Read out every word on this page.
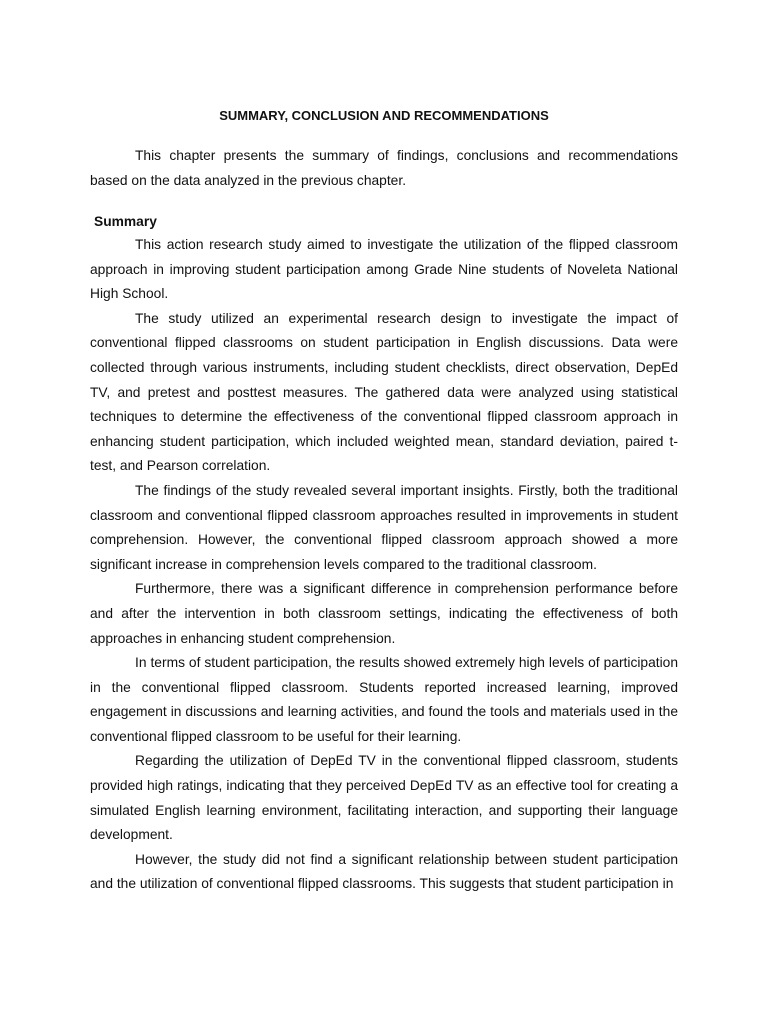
SUMMARY, CONCLUSION AND RECOMMENDATIONS

This chapter presents the summary of findings, conclusions and recommendations based on the data analyzed in the previous chapter.

Summary

This action research study aimed to investigate the utilization of the flipped classroom approach in improving student participation among Grade Nine students of Noveleta National High School.

The study utilized an experimental research design to investigate the impact of conventional flipped classrooms on student participation in English discussions. Data were collected through various instruments, including student checklists, direct observation, DepEd TV, and pretest and posttest measures. The gathered data were analyzed using statistical techniques to determine the effectiveness of the conventional flipped classroom approach in enhancing student participation, which included weighted mean, standard deviation, paired t-test, and Pearson correlation.

The findings of the study revealed several important insights. Firstly, both the traditional classroom and conventional flipped classroom approaches resulted in improvements in student comprehension. However, the conventional flipped classroom approach showed a more significant increase in comprehension levels compared to the traditional classroom.

Furthermore, there was a significant difference in comprehension performance before and after the intervention in both classroom settings, indicating the effectiveness of both approaches in enhancing student comprehension.

In terms of student participation, the results showed extremely high levels of participation in the conventional flipped classroom. Students reported increased learning, improved engagement in discussions and learning activities, and found the tools and materials used in the conventional flipped classroom to be useful for their learning.

Regarding the utilization of DepEd TV in the conventional flipped classroom, students provided high ratings, indicating that they perceived DepEd TV as an effective tool for creating a simulated English learning environment, facilitating interaction, and supporting their language development.

However, the study did not find a significant relationship between student participation and the utilization of conventional flipped classrooms. This suggests that student participation in
